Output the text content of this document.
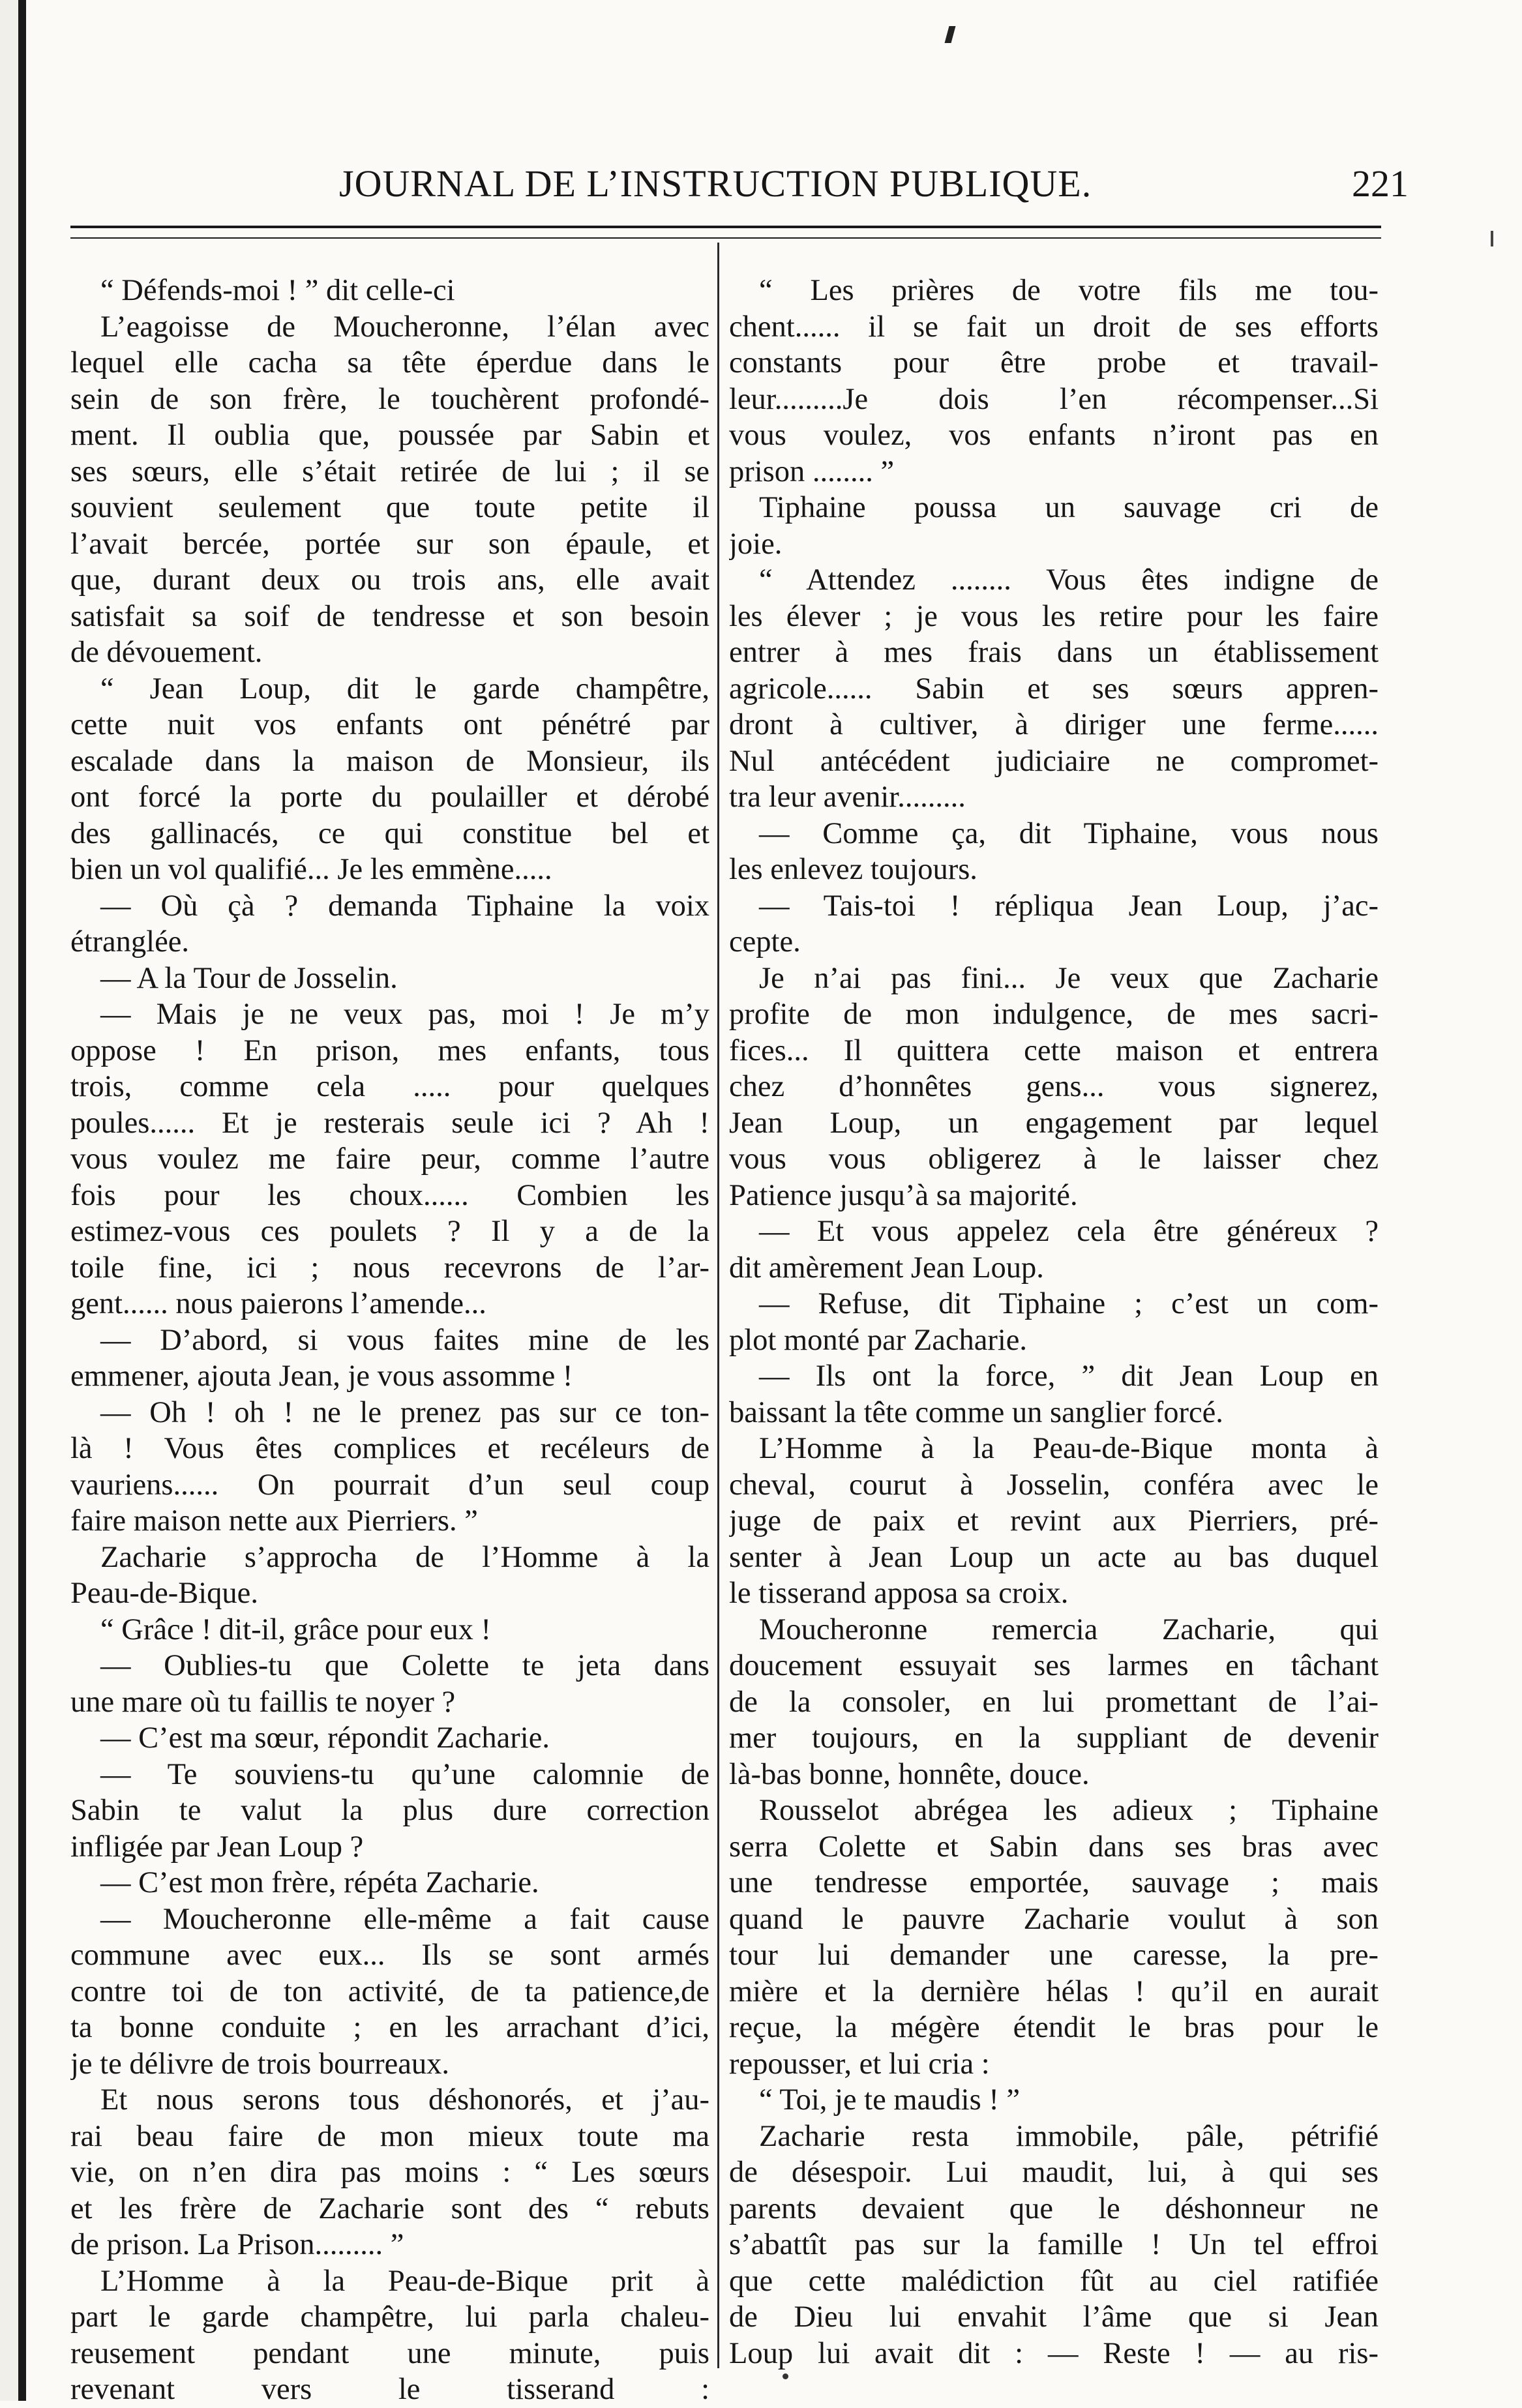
JOURNAL DE L’INSTRUCTION PUBLIQUE.	221
“ Défends-moi ! ” dit celle-ci
L’eagoisse de Moucheronne, l’élan avec
lequel elle cacha sa tête éperdue dans le
sein de son frère, le touchèrent profondé-
ment. Il oublia que, poussée par Sabin et
ses sœurs, elle s’était retirée de lui ; il se
souvient seulement que toute petite il
l’avait bercée, portée sur son épaule, et
que, durant deux ou trois ans, elle avait
satisfait sa soif de tendresse et son besoin
de dévouement.
“ Jean Loup, dit le garde champêtre,
cette nuit vos enfants ont pénétré par
escalade dans la maison de Monsieur, ils
ont forcé la porte du poulailler et dérobé
des gallinacés, ce qui constitue bel et
bien un vol qualifié... Je les emmène.....
— Où çà ? demanda Tiphaine la voix
étranglée.
— A la Tour de Josselin.
— Mais je ne veux pas, moi ! Je m’y
oppose ! En prison, mes enfants, tous
trois, comme cela ..... pour quelques
poules...... Et je resterais seule ici ? Ah !
vous voulez me faire peur, comme l’autre
fois pour les choux...... Combien les
estimez-vous ces poulets ? Il y a de la
toile fine, ici ; nous recevrons de l’ar-
gent...... nous paierons l’amende...
— D’abord, si vous faites mine de les
emmener, ajouta Jean, je vous assomme !
— Oh ! oh ! ne le prenez pas sur ce ton-
là ! Vous êtes complices et recéleurs de
vauriens...... On pourrait d’un seul coup
faire maison nette aux Pierriers. ”
Zacharie s’approcha de l’Homme à la
Peau-de-Bique.
“ Grâce ! dit-il, grâce pour eux !
— Oublies-tu que Colette te jeta dans
une mare où tu faillis te noyer ?
— C’est ma sœur, répondit Zacharie.
— Te souviens-tu qu’une calomnie de
Sabin te valut la plus dure correction
infligée par Jean Loup ?
— C’est mon frère, répéta Zacharie.
— Moucheronne elle-même a fait cause
commune avec eux... Ils se sont armés
contre toi de ton activité, de ta patience,de
ta bonne conduite ; en les arrachant d’ici,
je te délivre de trois bourreaux.
Et nous serons tous déshonorés, et j’au-
rai beau faire de mon mieux toute ma
vie, on n’en dira pas moins : “ Les sœurs
et les frère de Zacharie sont des “ rebuts
de prison. La Prison......... ”
L’Homme à la Peau-de-Bique prit à
part le garde champêtre, lui parla chaleu-
reusement pendant une minute, puis
revenant vers le tisserand :
“ Les prières de votre fils me tou-
chent...... il se fait un droit de ses efforts
constants pour être probe et travail-
leur.........Je dois l’en récompenser...Si
vous voulez, vos enfants n’iront pas en
prison ........ ”
Tiphaine poussa un sauvage cri de
joie.
“ Attendez ........ Vous êtes indigne de
les élever ; je vous les retire pour les faire
entrer à mes frais dans un établissement
agricole...... Sabin et ses sœurs appren-
dront à cultiver, à diriger une ferme......
Nul antécédent judiciaire ne compromet-
tra leur avenir.........
— Comme ça, dit Tiphaine, vous nous
les enlevez toujours.
— Tais-toi ! répliqua Jean Loup, j’ac-
cepte.
Je n’ai pas fini... Je veux que Zacharie
profite de mon indulgence, de mes sacri-
fices... Il quittera cette maison et entrera
chez d’honnêtes gens... vous signerez,
Jean Loup, un engagement par lequel
vous vous obligerez à le laisser chez
Patience jusqu’à sa majorité.
— Et vous appelez cela être généreux ?
dit amèrement Jean Loup.
— Refuse, dit Tiphaine ; c’est un com-
plot monté par Zacharie.
— Ils ont la force, ” dit Jean Loup en
baissant la tête comme un sanglier forcé.
L’Homme à la Peau-de-Bique monta à
cheval, courut à Josselin, conféra avec le
juge de paix et revint aux Pierriers, pré-
senter à Jean Loup un acte au bas duquel
le tisserand apposa sa croix.
Moucheronne remercia Zacharie, qui
doucement essuyait ses larmes en tâchant
de la consoler, en lui promettant de l’ai-
mer toujours, en la suppliant de devenir
là-bas bonne, honnête, douce.
Rousselot abrégea les adieux ; Tiphaine
serra Colette et Sabin dans ses bras avec
une tendresse emportée, sauvage ; mais
quand le pauvre Zacharie voulut à son
tour lui demander une caresse, la pre-
mière et la dernière hélas ! qu’il en aurait
reçue, la mégère étendit le bras pour le
repousser, et lui cria :
“ Toi, je te maudis ! ”
Zacharie resta immobile, pâle, pétrifié
de désespoir. Lui maudit, lui, à qui ses
parents devaient que le déshonneur ne
s’abattît pas sur la famille ! Un tel effroi
que cette malédiction fût au ciel ratifiée
de Dieu lui envahit l’âme que si Jean
Loup lui avait dit : — Reste ! — au ris-
